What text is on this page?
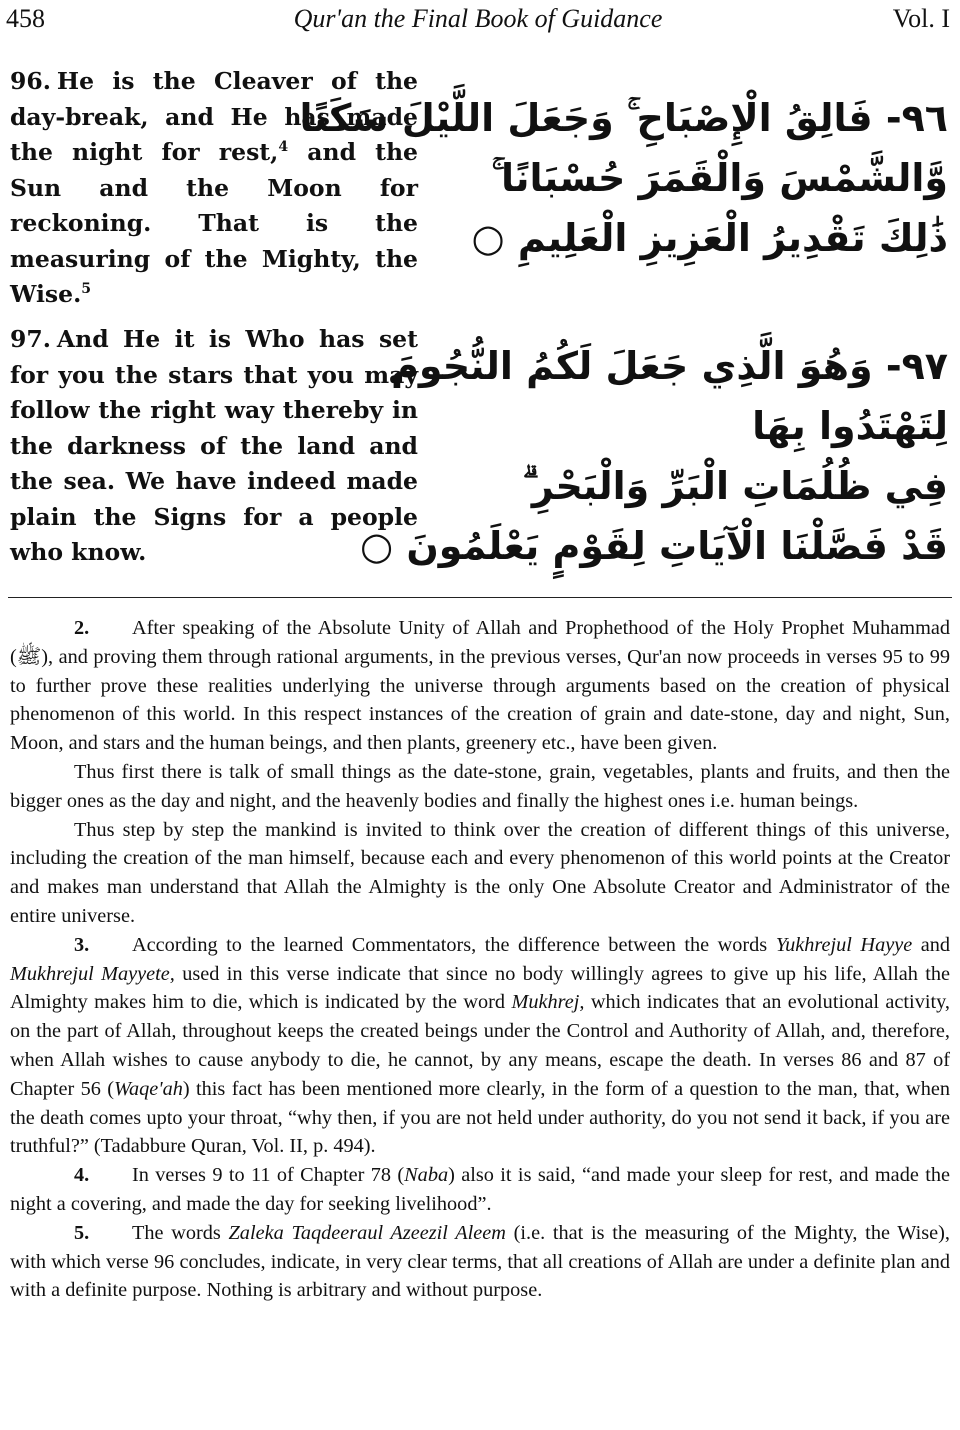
458	Qur'an the Final Book of Guidance	Vol. I
96. He is the Cleaver of the day-break, and He has made the night for rest,$^4$ and the Sun and the Moon for reckoning. That is the measuring of the Mighty, the Wise.$^5$
٩٦- فَالِقُ الْإِصْبَاحِ ۚ وَجَعَلَ اللَّيْلَ سَكَنًا
وَّالشَّمْسَ وَالْقَمَرَ حُسْبَانًا ۚ
ذَٰلِكَ تَقْدِيرُ الْعَزِيزِ الْعَلِيمِ ○
97. And He it is Who has set for you the stars that you may follow the right way thereby in the darkness of the land and the sea. We have indeed made plain the Signs for a people who know.
٩٧- وَهُوَ الَّذِي جَعَلَ لَكُمُ النُّجُومَ
لِتَهْتَدُوا بِهَا
فِي ظُلُمَاتِ الْبَرِّ وَالْبَحْرِ ۗ
قَدْ فَصَّلْنَا الْآيَاتِ لِقَوْمٍ يَعْلَمُونَ ○

2. After speaking of the Absolute Unity of Allah and Prophethood of the Holy Prophet Muhammad (ﷺ), and proving them through rational arguments, in the previous verses, Qur'an now proceeds in verses 95 to 99 to further prove these realities underlying the universe through arguments based on the creation of physical phenomenon of this world. In this respect instances of the creation of grain and date-stone, day and night, Sun, Moon, and stars and the human beings, and then plants, greenery etc., have been given.

Thus first there is talk of small things as the date-stone, grain, vegetables, plants and fruits, and then the bigger ones as the day and night, and the heavenly bodies and finally the highest ones i.e. human beings.

Thus step by step the mankind is invited to think over the creation of different things of this universe, including the creation of the man himself, because each and every phenomenon of this world points at the Creator and makes man understand that Allah the Almighty is the only One Absolute Creator and Administrator of the entire universe.

3. According to the learned Commentators, the difference between the words Yukhrejul Hayye and Mukhrejul Mayyete, used in this verse indicate that since no body willingly agrees to give up his life, Allah the Almighty makes him to die, which is indicated by the word Mukhrej, which indicates that an evolutional activity, on the part of Allah, throughout keeps the created beings under the Control and Authority of Allah, and, therefore, when Allah wishes to cause anybody to die, he cannot, by any means, escape the death. In verses 86 and 87 of Chapter 56 (Waqe'ah) this fact has been mentioned more clearly, in the form of a question to the man, that, when the death comes upto your throat, “why then, if you are not held under authority, do you not send it back, if you are truthful?” (Tadabbure Quran, Vol. II, p. 494).

4. In verses 9 to 11 of Chapter 78 (Naba) also it is said, “and made your sleep for rest, and made the night a covering, and made the day for seeking livelihood”.

5. The words Zaleka Taqdeeraul Azeezil Aleem (i.e. that is the measuring of the Mighty, the Wise), with which verse 96 concludes, indicate, in very clear terms, that all creations of Allah are under a definite plan and with a definite purpose. Nothing is arbitrary and without purpose.
